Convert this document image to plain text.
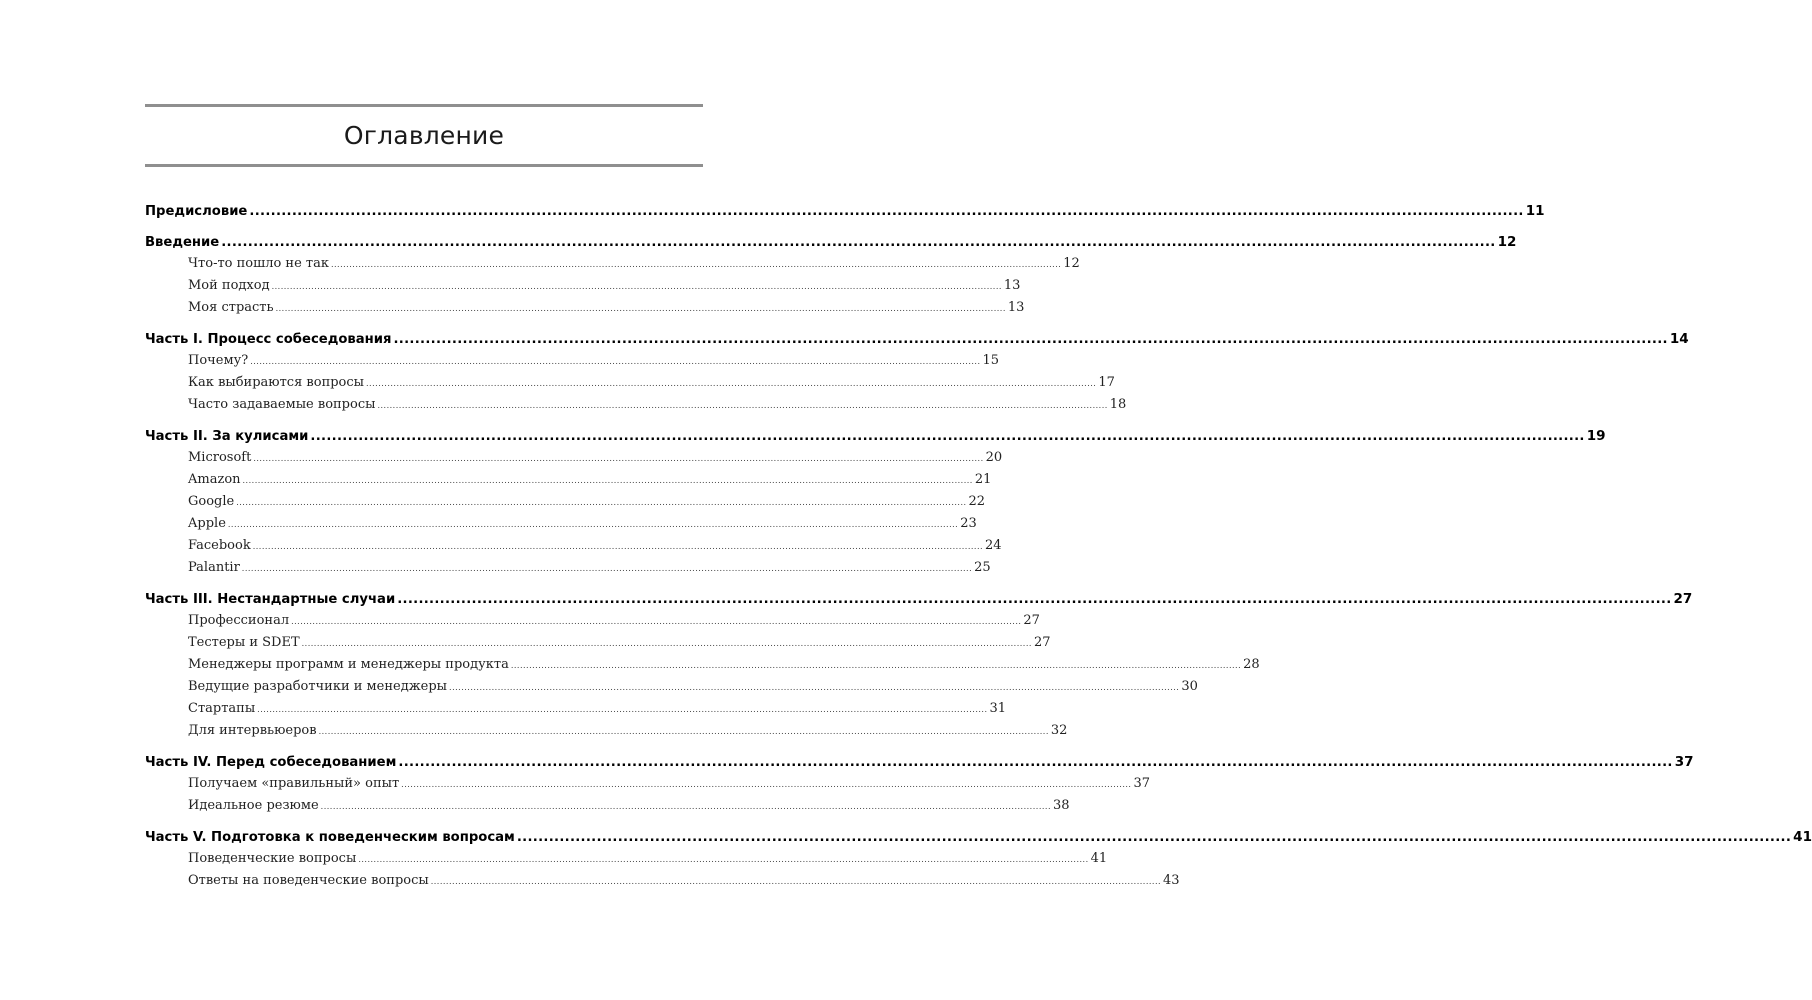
Оглавление
Предисловие ................................................................................................................................................................................................................................................ 11
Введение ................................................................................................................................................................................................................................................ 12
Что-то пошло не так ................................................................................................................................................................................................................................................ 12
Мой подход ................................................................................................................................................................................................................................................ 13
Моя страсть ................................................................................................................................................................................................................................................ 13
Часть I. Процесс собеседования ................................................................................................................................................................................................................................................ 14
Почему? ................................................................................................................................................................................................................................................ 15
Как выбираются вопросы ................................................................................................................................................................................................................................................ 17
Часто задаваемые вопросы ................................................................................................................................................................................................................................................ 18
Часть II. За кулисами ................................................................................................................................................................................................................................................ 19
Microsoft ................................................................................................................................................................................................................................................ 20
Amazon ................................................................................................................................................................................................................................................ 21
Google ................................................................................................................................................................................................................................................ 22
Apple ................................................................................................................................................................................................................................................ 23
Facebook ................................................................................................................................................................................................................................................ 24
Palantir ................................................................................................................................................................................................................................................ 25
Часть III. Нестандартные случаи ................................................................................................................................................................................................................................................ 27
Профессионал ................................................................................................................................................................................................................................................ 27
Тестеры и SDET ................................................................................................................................................................................................................................................ 27
Менеджеры программ и менеджеры продукта ................................................................................................................................................................................................................................................ 28
Ведущие разработчики и менеджеры ................................................................................................................................................................................................................................................ 30
Стартапы ................................................................................................................................................................................................................................................ 31
Для интервьюеров ................................................................................................................................................................................................................................................ 32
Часть IV. Перед собеседованием ................................................................................................................................................................................................................................................ 37
Получаем «правильный» опыт ................................................................................................................................................................................................................................................ 37
Идеальное резюме ................................................................................................................................................................................................................................................ 38
Часть V. Подготовка к поведенческим вопросам ................................................................................................................................................................................................................................................ 41
Поведенческие вопросы ................................................................................................................................................................................................................................................ 41
Ответы на поведенческие вопросы ................................................................................................................................................................................................................................................ 43
